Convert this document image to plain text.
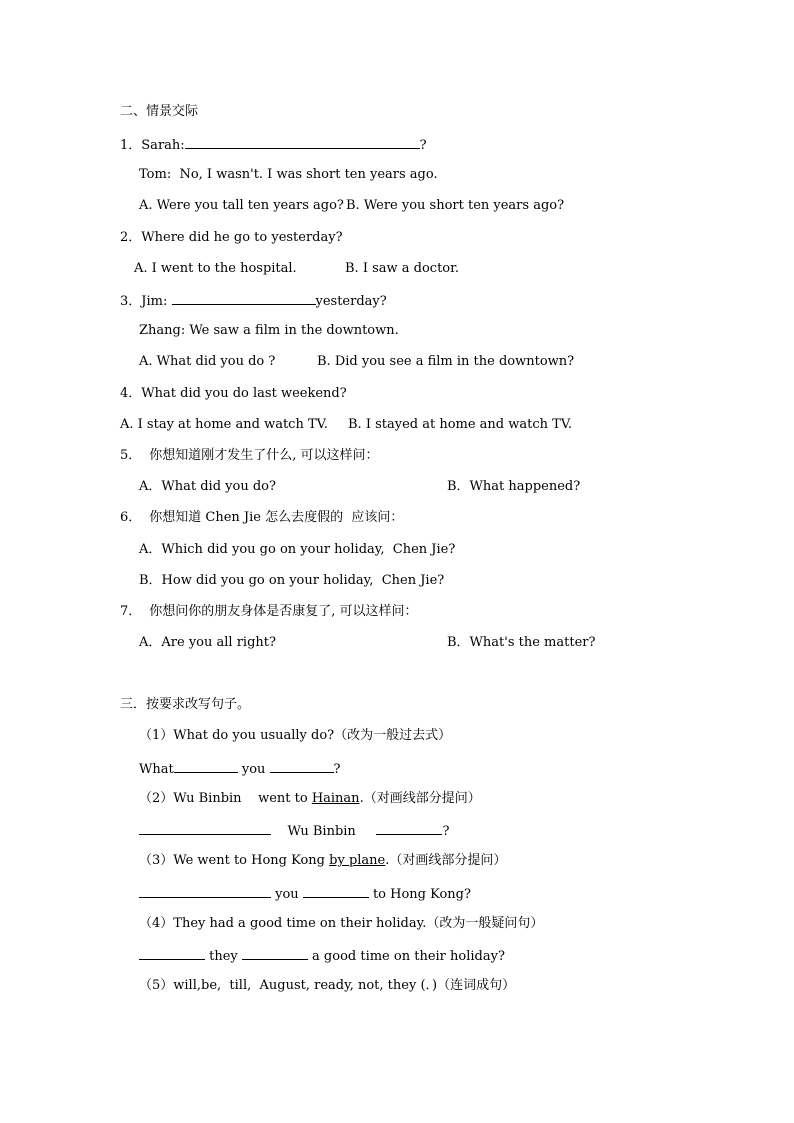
二、情景交际
1．Sarah:	?
Tom:  No, I wasn't. I was short ten years ago.
A. Were you tall ten years ago? B. Were you short ten years ago?
2．Where did he go to yesterday?
A. I went to the hospital.	B. I saw a doctor.
3．Jim:	yesterday?
Zhang: We saw a film in the downtown.
A. What did you do ?	B. Did you see a film in the downtown?
4．What did you do last weekend?
A. I stay at home and watch TV. B. I stayed at home and watch TV.
5． 你想知道刚才发生了什么, 可以这样问：
A．What did you do?	B．What happened?
6． 你想知道 Chen Jie 怎么去度假的  应该问：
A．Which did you go on your holiday,  Chen Jie?
B．How did you go on your holiday,  Chen Jie?
7． 你想问你的朋友身体是否康复了, 可以这样问：
A．Are you all right?	B．What's the matter?
三．按要求改写句子。
（1）What do you usually do?（改为一般过去式）
What	you	?
（2）Wu Binbin    went to Hainan.（对画线部分提问）
Wu Binbin	?
（3）We went to Hong Kong by plane.（对画线部分提问）
you	to Hong Kong?
（4）They had a good time on their holiday.（改为一般疑问句）
they	a good time on their holiday?
（5）will,be,  till,  August, ready, not, they (．)（连词成句）
